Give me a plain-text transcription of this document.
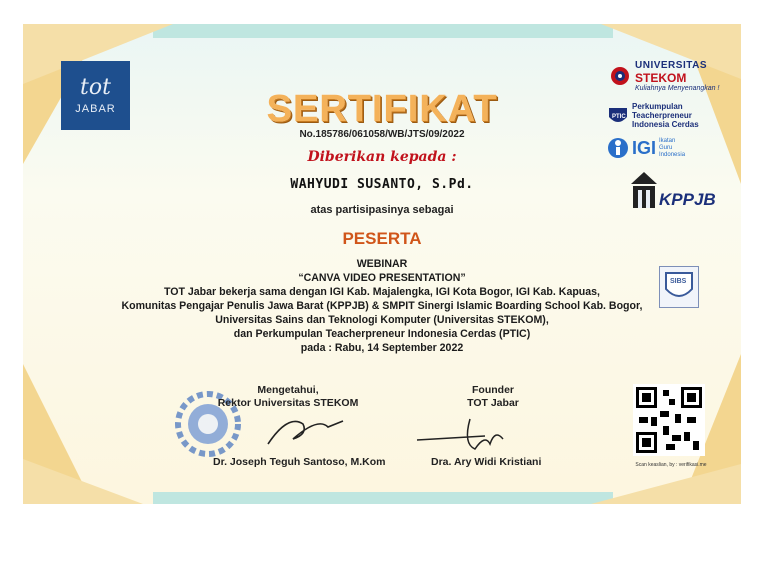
tot
JABAR	SERTIFIKAT
No.185786/061058/WB/JTS/09/2022
Diberikan kepada :
WAHYUDI SUSANTO, S.Pd.
atas partisipasinya sebagai
PESERTA
WEBINAR
“CANVA VIDEO PRESENTATION”
TOT Jabar bekerja sama dengan IGI Kab. Majalengka, IGI Kota Bogor, IGI Kab. Kapuas,
Komunitas Pengajar Penulis Jawa Barat (KPPJB) & SMPIT Sinergi Islamic Boarding School Kab. Bogor,
Universitas Sains dan Teknologi Komputer (Universitas STEKOM),
dan Perkumpulan Teacherpreneur Indonesia Cerdas (PTIC)
pada : Rabu, 14 September 2022
UNIVERSITAS
STEKOM
Kuliahnya Menyenangkan !
PTIC
Perkumpulan
Teacherpreneur
Indonesia Cerdas
IGI Ikatan
Guru
Indonesia
KPPJB
SIBS
Mengetahui,
Rektor Universitas STEKOM
Dr. Joseph Teguh Santoso, M.Kom
Founder
TOT Jabar
Dra. Ary Widi Kristiani	Scan keaslian, by : verifikasi.me
